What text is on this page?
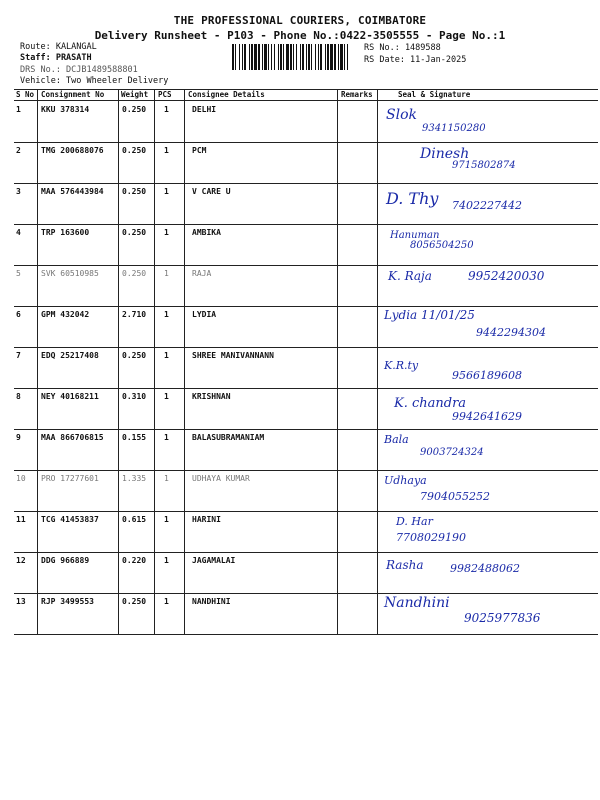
THE PROFESSIONAL COURIERS, COIMBATORE
Delivery Runsheet - P103 - Phone No.:0422-3505555 - Page No.:1
Route: KALANGAL
Staff: PRASATH
DRS No.: DCJB1489588801
Vehicle: Two Wheeler Delivery
RS No.: 1489588
RS Date: 11-Jan-2025
S No Consignment No Weight PCS Consignee Details	Remarks	Seal & Signature
1	KKU 378314	0.250 1	DELHI	Slok
9341150280
2	TMG 200688076 0.250 1	PCM	Dinesh
9715802874
3	MAA 576443984 0.250 1	V CARE U	D. Thy 7402227442
4	TRP 163600	0.250 1	AMBIKA	Hanuman
8056504250
5	SVK 60510985	0.250 1	RAJA	K. Raja	9952420030
6	GPM 432042	2.710 1	LYDIA	Lydia 11/01/25
9442294304
7	EDQ 25217408	0.250 1	SHREE MANIVANNANN
K.R.ty
9566189608
8	NEY 40168211	0.310 1	KRISHNAN	K. chandra
9942641629
9	MAA 866706815 0.155 1	BALASUBRAMANIAM	Bala
9003724324
10 PRO 17277601	1.335 1	UDHAYA KUMAR	Udhaya
7904055252
11 TCG 41453837	0.615 1	HARINI	D. Har
7708029190
12 DDG 966889	0.220 1	JAGAMALAI	Rasha 9982488062
13 RJP 3499553	0.250 1	NANDHINI	Nandhini
9025977836
